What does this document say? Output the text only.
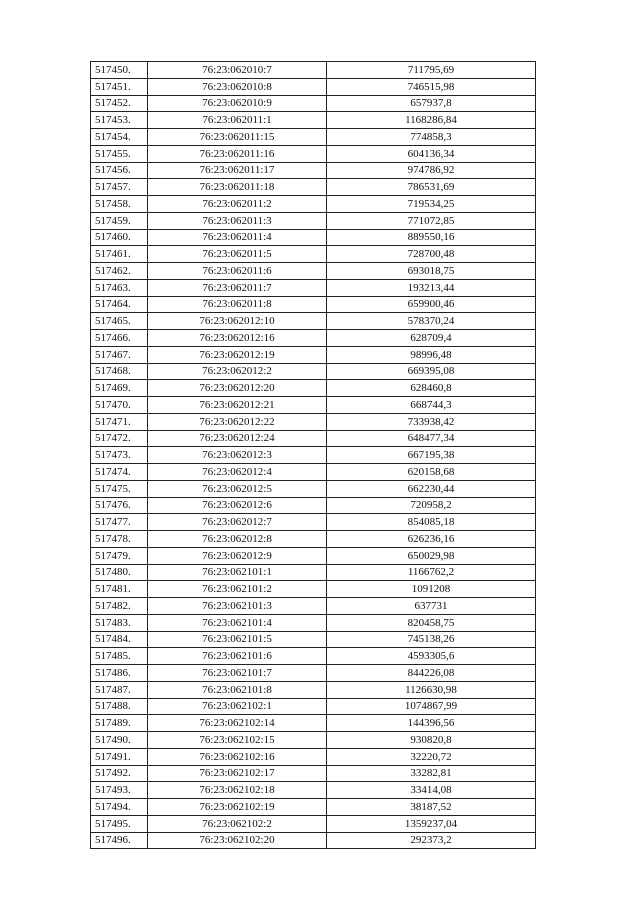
517450.	76:23:062010:7	711795,69
517451.	76:23:062010:8	746515,98
517452.	76:23:062010:9	657937,8
517453.	76:23:062011:1	1168286,84
517454.	76:23:062011:15	774858,3
517455.	76:23:062011:16	604136,34
517456.	76:23:062011:17	974786,92
517457.	76:23:062011:18	786531,69
517458.	76:23:062011:2	719534,25
517459.	76:23:062011:3	771072,85
517460.	76:23:062011:4	889550,16
517461.	76:23:062011:5	728700,48
517462.	76:23:062011:6	693018,75
517463.	76:23:062011:7	193213,44
517464.	76:23:062011:8	659900,46
517465.	76:23:062012:10	578370,24
517466.	76:23:062012:16	628709,4
517467.	76:23:062012:19	98996,48
517468.	76:23:062012:2	669395,08
517469.	76:23:062012:20	628460,8
517470.	76:23:062012:21	668744,3
517471.	76:23:062012:22	733938,42
517472.	76:23:062012:24	648477,34
517473.	76:23:062012:3	667195,38
517474.	76:23:062012:4	620158,68
517475.	76:23:062012:5	662230,44
517476.	76:23:062012:6	720958,2
517477.	76:23:062012:7	854085,18
517478.	76:23:062012:8	626236,16
517479.	76:23:062012:9	650029,98
517480.	76:23:062101:1	1166762,2
517481.	76:23:062101:2	1091208
517482.	76:23:062101:3	637731
517483.	76:23:062101:4	820458,75
517484.	76:23:062101:5	745138,26
517485.	76:23:062101:6	4593305,6
517486.	76:23:062101:7	844226,08
517487.	76:23:062101:8	1126630,98
517488.	76:23:062102:1	1074867,99
517489.	76:23:062102:14	144396,56
517490.	76:23:062102:15	930820,8
517491.	76:23:062102:16	32220,72
517492.	76:23:062102:17	33282,81
517493.	76:23:062102:18	33414,08
517494.	76:23:062102:19	38187,52
517495.	76:23:062102:2	1359237,04
517496.	76:23:062102:20	292373,2
